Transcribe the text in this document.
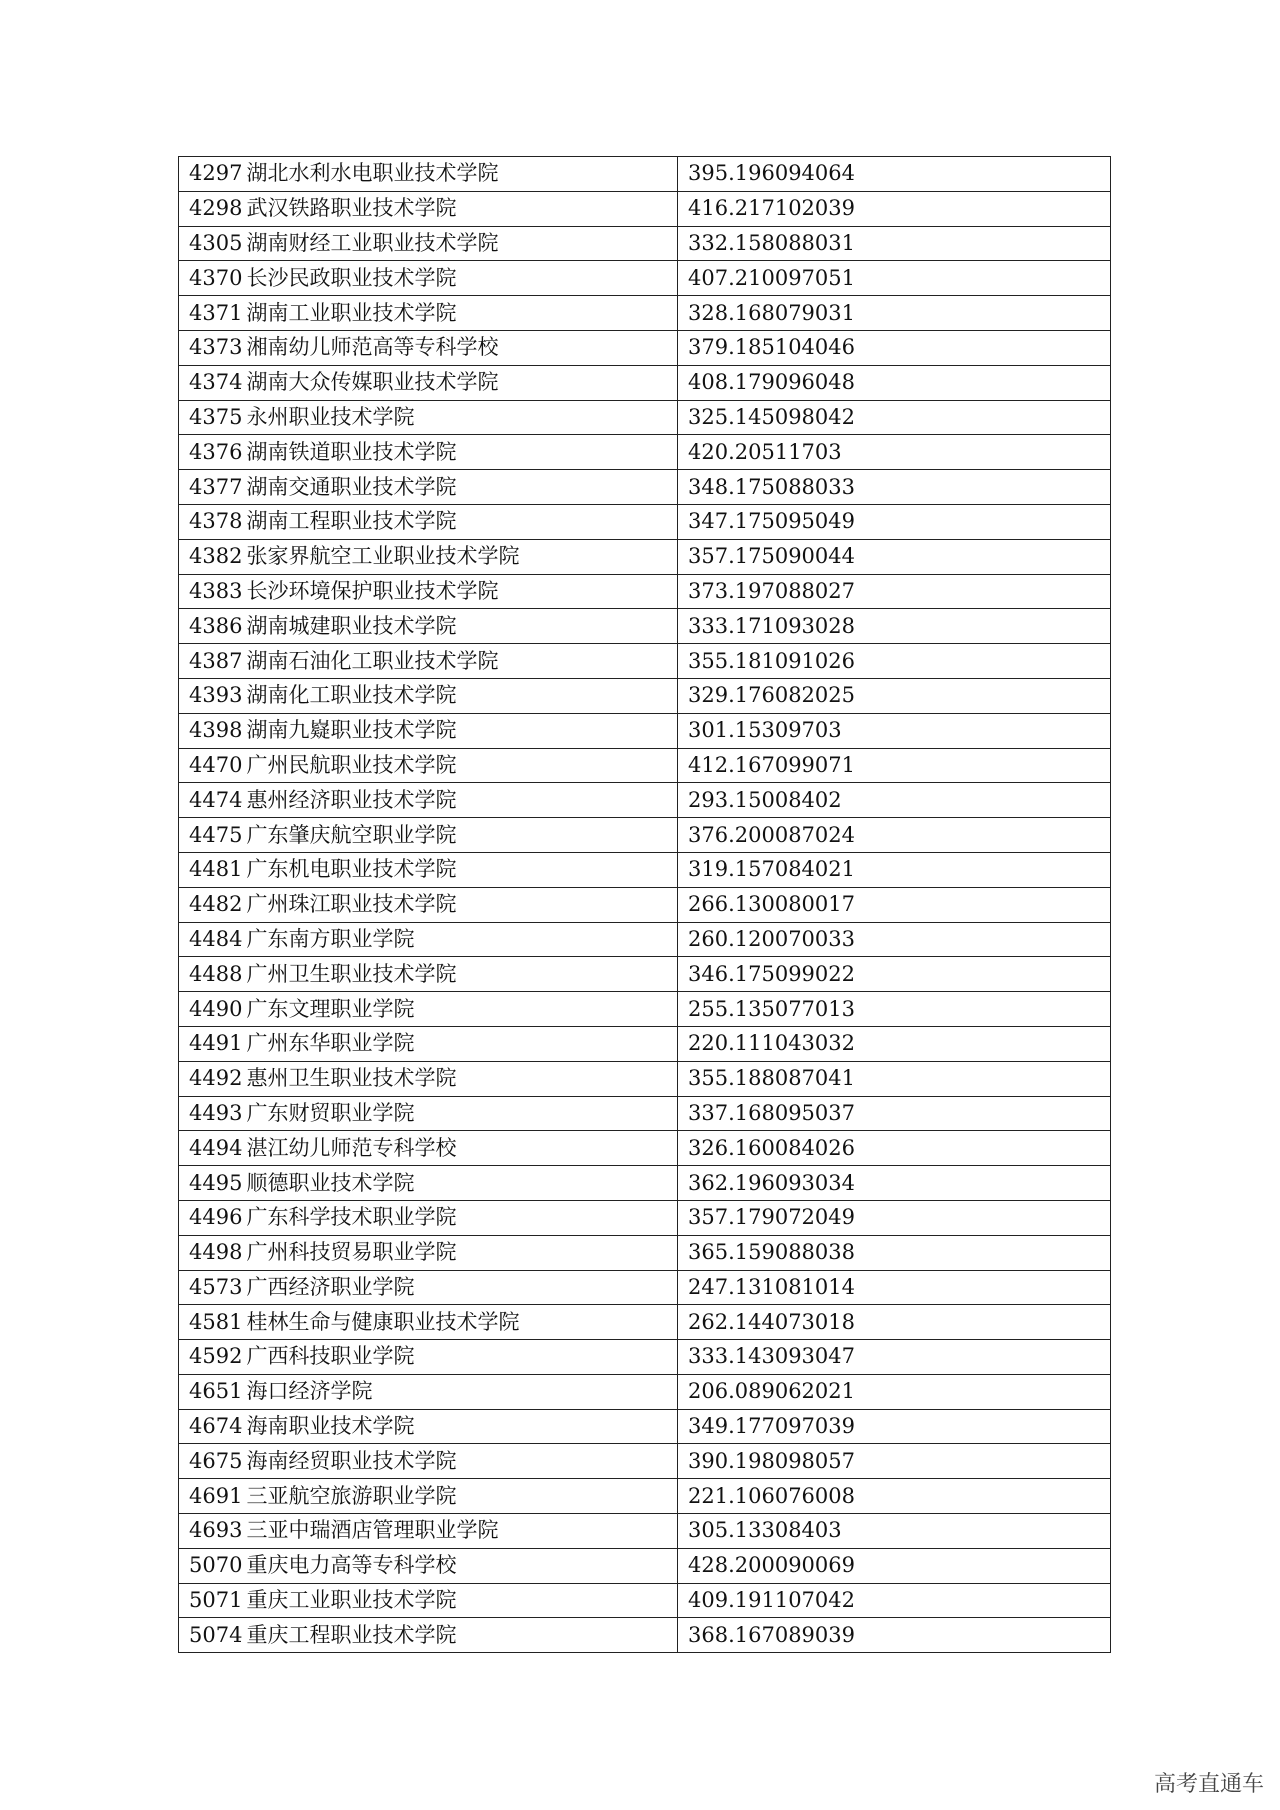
4297 湖北水利水电职业技术学院	395.196094064
4298 武汉铁路职业技术学院	416.217102039
4305 湖南财经工业职业技术学院	332.158088031
4370 长沙民政职业技术学院	407.210097051
4371 湖南工业职业技术学院	328.168079031
4373 湘南幼儿师范高等专科学校	379.185104046
4374 湖南大众传媒职业技术学院	408.179096048
4375 永州职业技术学院	325.145098042
4376 湖南铁道职业技术学院	420.20511703
4377 湖南交通职业技术学院	348.175088033
4378 湖南工程职业技术学院	347.175095049
4382 张家界航空工业职业技术学院	357.175090044
4383 长沙环境保护职业技术学院	373.197088027
4386 湖南城建职业技术学院	333.171093028
4387 湖南石油化工职业技术学院	355.181091026
4393 湖南化工职业技术学院	329.176082025
4398 湖南九嶷职业技术学院	301.15309703
4470 广州民航职业技术学院	412.167099071
4474 惠州经济职业技术学院	293.15008402
4475 广东肇庆航空职业学院	376.200087024
4481 广东机电职业技术学院	319.157084021
4482 广州珠江职业技术学院	266.130080017
4484 广东南方职业学院	260.120070033
4488 广州卫生职业技术学院	346.175099022
4490 广东文理职业学院	255.135077013
4491 广州东华职业学院	220.111043032
4492 惠州卫生职业技术学院	355.188087041
4493 广东财贸职业学院	337.168095037
4494 湛江幼儿师范专科学校	326.160084026
4495 顺德职业技术学院	362.196093034
4496 广东科学技术职业学院	357.179072049
4498 广州科技贸易职业学院	365.159088038
4573 广西经济职业学院	247.131081014
4581 桂林生命与健康职业技术学院	262.144073018
4592 广西科技职业学院	333.143093047
4651 海口经济学院	206.089062021
4674 海南职业技术学院	349.177097039
4675 海南经贸职业技术学院	390.198098057
4691 三亚航空旅游职业学院	221.106076008
4693 三亚中瑞酒店管理职业学院	305.13308403
5070 重庆电力高等专科学校	428.200090069
5071 重庆工业职业技术学院	409.191107042
5074 重庆工程职业技术学院	368.167089039
高考直通车
